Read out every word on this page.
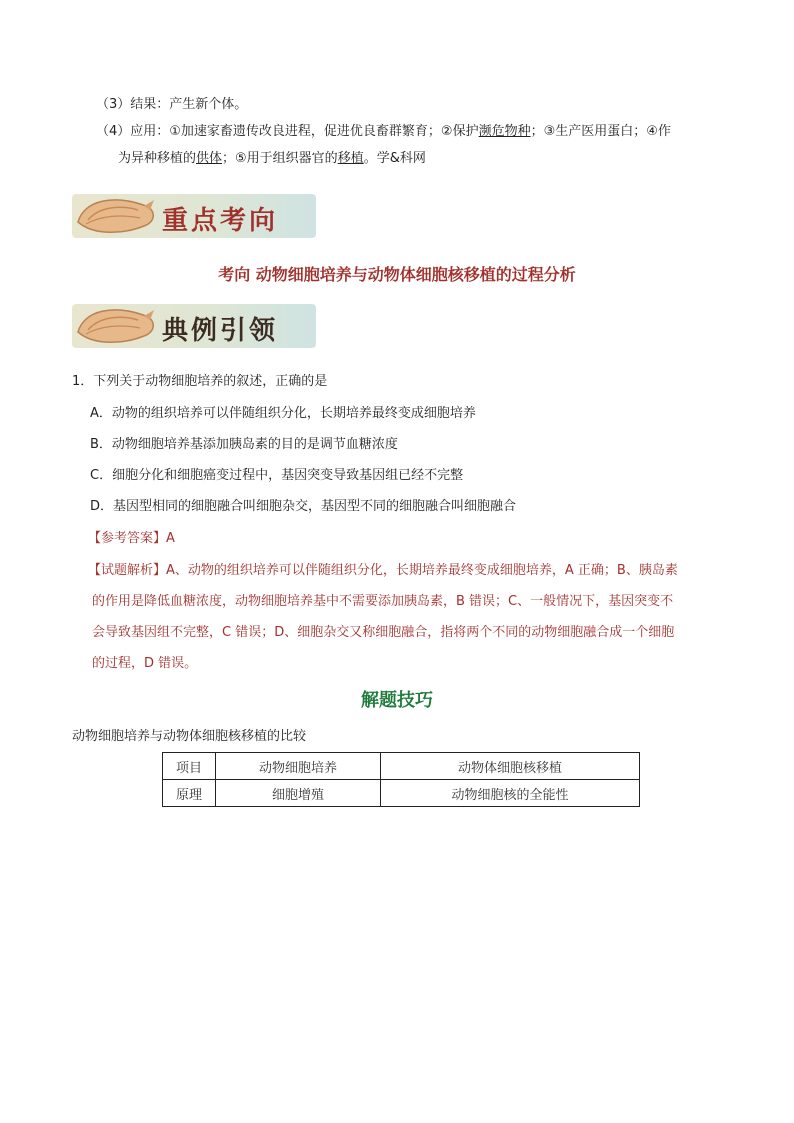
（3）结果：产生新个体。
（4）应用：①加速家畜遗传改良进程，促进优良畜群繁育；②保护濒危物种；③生产医用蛋白；④作
为异种移植的供体；⑤用于组织器官的移植。学&科网
重点考向
考向 动物细胞培养与动物体细胞核移植的过程分析
典例引领
1．下列关于动物细胞培养的叙述，正确的是
A．动物的组织培养可以伴随组织分化，长期培养最终变成细胞培养
B．动物细胞培养基添加胰岛素的目的是调节血糖浓度
C．细胞分化和细胞癌变过程中，基因突变导致基因组已经不完整
D．基因型相同的细胞融合叫细胞杂交，基因型不同的细胞融合叫细胞融合
【参考答案】A
【试题解析】A、动物的组织培养可以伴随组织分化，长期培养最终变成细胞培养，A 正确；B、胰岛素
的作用是降低血糖浓度，动物细胞培养基中不需要添加胰岛素，B 错误；C、一般情况下，基因突变不
会导致基因组不完整，C 错误；D、细胞杂交又称细胞融合，指将两个不同的动物细胞融合成一个细胞
的过程，D 错误。
解题技巧
动物细胞培养与动物体细胞核移植的比较
项目	动物细胞培养	动物体细胞核移植
原理	细胞增殖	动物细胞核的全能性
